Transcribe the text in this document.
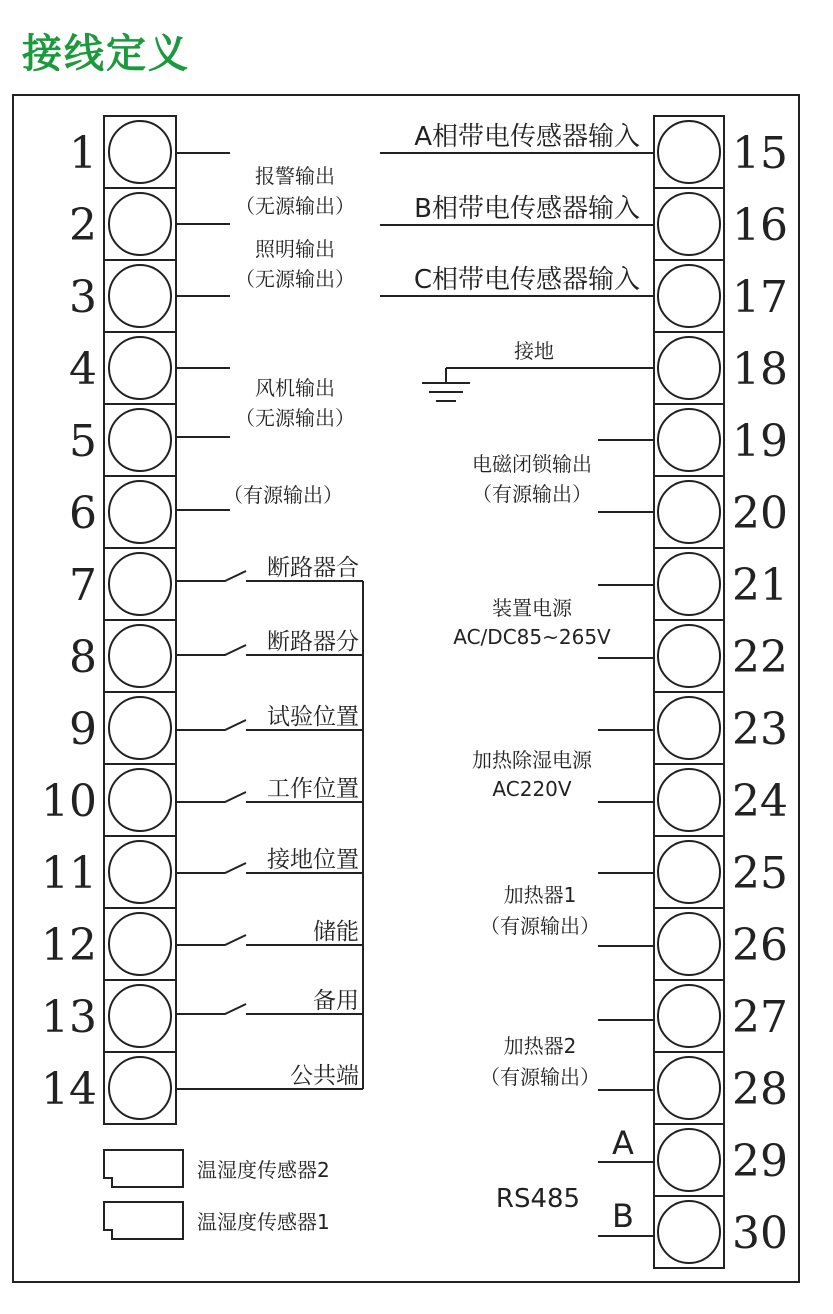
接线定义
1
2
3
4
5
6
7
8
9
10
11
12
13
14
15
16
17
18
19
20
21
22
23
24
25
26
27
28
29
30
报警输出
（无源输出）
照明输出
（无源输出）
风机输出
（无源输出）
（有源输出）
断路器合
断路器分
试验位置
工作位置
接地位置
储能
备用
公共端
A相带电传感器输入
B相带电传感器输入
C相带电传感器输入
接地
电磁闭锁输出
（有源输出）
装置电源
AC/DC85~265V
加热除湿电源
AC220V
加热器1
（有源输出）
加热器2
（有源输出）
A
B
RS485
温湿度传感器2
温湿度传感器1
